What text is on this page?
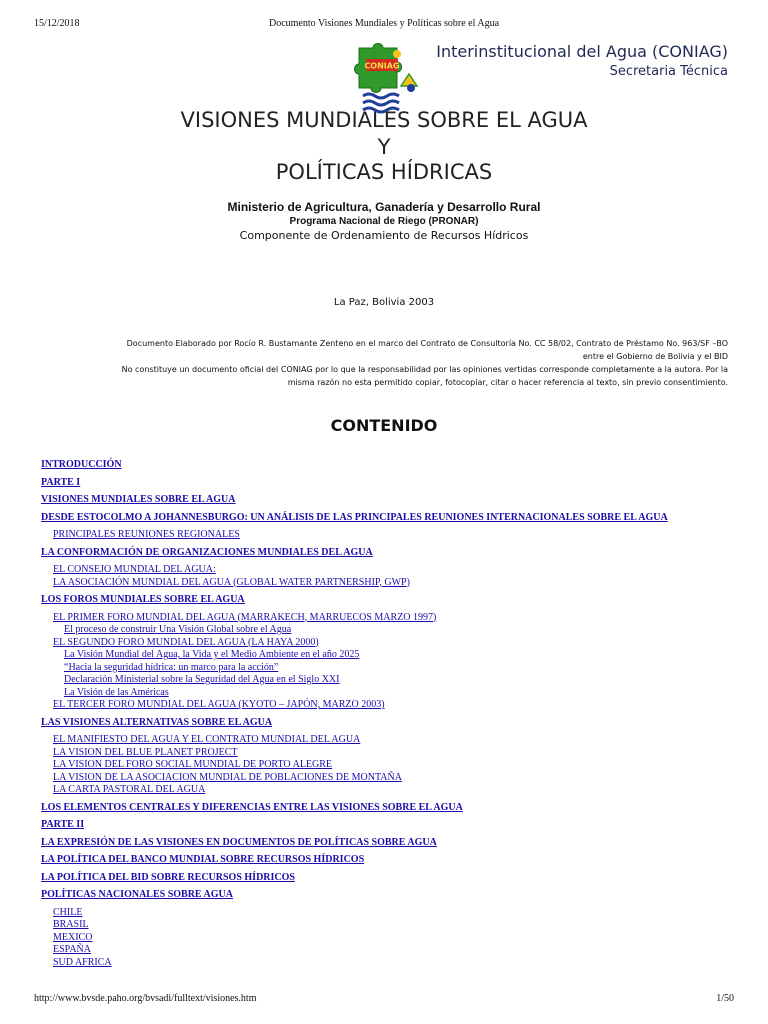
15/12/2018	Documento Visiones Mundiales y Políticas sobre el Agua
Interinstitucional del Agua (CONIAG)
Secretaria Técnica
VISIONES MUNDIALES SOBRE EL AGUA
CONIAG
Y
POLÍTICAS HÍDRICAS
Ministerio de Agricultura, Ganadería y Desarrollo Rural
Programa Nacional de Riego (PRONAR)
Componente de Ordenamiento de Recursos Hídricos
La Paz, Bolivia 2003
Documento Elaborado por Rocío R. Bustamante Zenteno en el marco del Contrato de Consultoría No. CC 58/02, Contrato de Préstamo No. 963/SF –BO
entre el Gobierno de Bolivia y el BID
No constituye un documento oficial del CONIAG por lo que la responsabilidad por las opiniones vertidas corresponde completamente a la autora. Por la
misma razón no esta permitido copiar, fotocopiar, citar o hacer referencia al texto, sin previo consentimiento.
CONTENIDO
INTRODUCCIÓN
PARTE I
VISIONES MUNDIALES SOBRE EL AGUA
DESDE ESTOCOLMO A JOHANNESBURGO: UN ANÁLISIS DE LAS PRINCIPALES REUNIONES INTERNACIONALES SOBRE EL AGUA
PRINCIPALES REUNIONES REGIONALES
LA CONFORMACIÓN DE ORGANIZACIONES MUNDIALES DEL AGUA
EL CONSEJO MUNDIAL DEL AGUA:
LA ASOCIACIÓN MUNDIAL DEL AGUA (GLOBAL WATER PARTNERSHIP, GWP)
LOS FOROS MUNDIALES SOBRE EL AGUA
EL PRIMER FORO MUNDIAL DEL AGUA (MARRAKECH, MARRUECOS MARZO 1997)
El proceso de construir Una Visión Global sobre el Agua
EL SEGUNDO FORO MUNDIAL DEL AGUA (LA HAYA 2000)
La Visión Mundial del Agua, la Vida y el Medio Ambiente en el año 2025
“Hacia la seguridad hídrica: un marco para la acción”
Declaración Ministerial sobre la Seguridad del Agua en el Siglo XXI
La Visión de las Américas
EL TERCER FORO MUNDIAL DEL AGUA (KYOTO – JAPÓN, MARZO 2003)
LAS VISIONES ALTERNATIVAS SOBRE EL AGUA
EL MANIFIESTO DEL AGUA Y EL CONTRATO MUNDIAL DEL AGUA
LA VISION DEL BLUE PLANET PROJECT
LA VISION DEL FORO SOCIAL MUNDIAL DE PORTO ALEGRE
LA VISION DE LA ASOCIACION MUNDIAL DE POBLACIONES DE MONTAÑA
LA CARTA PASTORAL DEL AGUA
LOS ELEMENTOS CENTRALES Y DIFERENCIAS ENTRE LAS VISIONES SOBRE EL AGUA
PARTE II
LA EXPRESIÓN DE LAS VISIONES EN DOCUMENTOS DE POLÍTICAS SOBRE AGUA
LA POLÍTICA DEL BANCO MUNDIAL SOBRE RECURSOS HÍDRICOS
LA POLÍTICA DEL BID SOBRE RECURSOS HÍDRICOS
POLÍTICAS NACIONALES SOBRE AGUA
CHILE
BRASIL
MEXICO
ESPAÑA
SUD AFRICA
http://www.bvsde.paho.org/bvsadi/fulltext/visiones.htm	1/50
